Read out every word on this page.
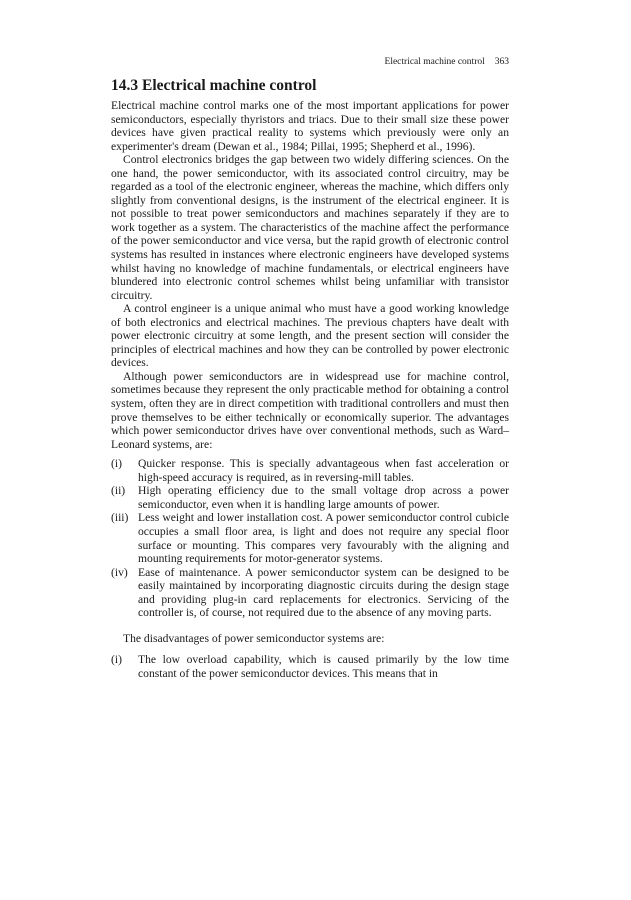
Electrical machine control 363
14.3 Electrical machine control

Electrical machine control marks one of the most important applications for power semiconductors, especially thyristors and triacs. Due to their small size these power devices have given practical reality to systems which previously were only an experimenter's dream (Dewan et al., 1984; Pillai, 1995; Shepherd et al., 1996).

Control electronics bridges the gap between two widely differing sciences. On the one hand, the power semiconductor, with its associated control circuitry, may be regarded as a tool of the electronic engineer, whereas the machine, which differs only slightly from conventional designs, is the instrument of the electrical engineer. It is not possible to treat power semiconductors and machines separately if they are to work together as a system. The characteristics of the machine affect the performance of the power semiconductor and vice versa, but the rapid growth of electronic control systems has resulted in instances where electronic engineers have developed systems whilst having no knowledge of machine fundamentals, or electrical engineers have blundered into electronic control schemes whilst being unfamiliar with transistor circuitry.

A control engineer is a unique animal who must have a good working knowledge of both electronics and electrical machines. The previous chapters have dealt with power electronic circuitry at some length, and the present section will consider the principles of electrical machines and how they can be controlled by power electronic devices.

Although power semiconductors are in widespread use for machine control, sometimes because they represent the only practicable method for obtaining a control system, often they are in direct competition with traditional controllers and must then prove themselves to be either technically or economically superior. The advantages which power semiconductor drives have over conventional methods, such as Ward–Leonard systems, are:

(i) Quicker response. This is specially advantageous when fast acceleration or high-speed accuracy is required, as in reversing-mill tables.
(ii) High operating efficiency due to the small voltage drop across a power semiconductor, even when it is handling large amounts of power.
(iii) Less weight and lower installation cost. A power semiconductor control cubicle occupies a small floor area, is light and does not require any special floor surface or mounting. This compares very favourably with the aligning and mounting requirements for motor-generator systems.
(iv) Ease of maintenance. A power semiconductor system can be designed to be easily maintained by incorporating diagnostic circuits during the design stage and providing plug-in card replacements for electronics. Servicing of the controller is, of course, not required due to the absence of any moving parts.

The disadvantages of power semiconductor systems are:

(i) The low overload capability, which is caused primarily by the low time constant of the power semiconductor devices. This means that in
